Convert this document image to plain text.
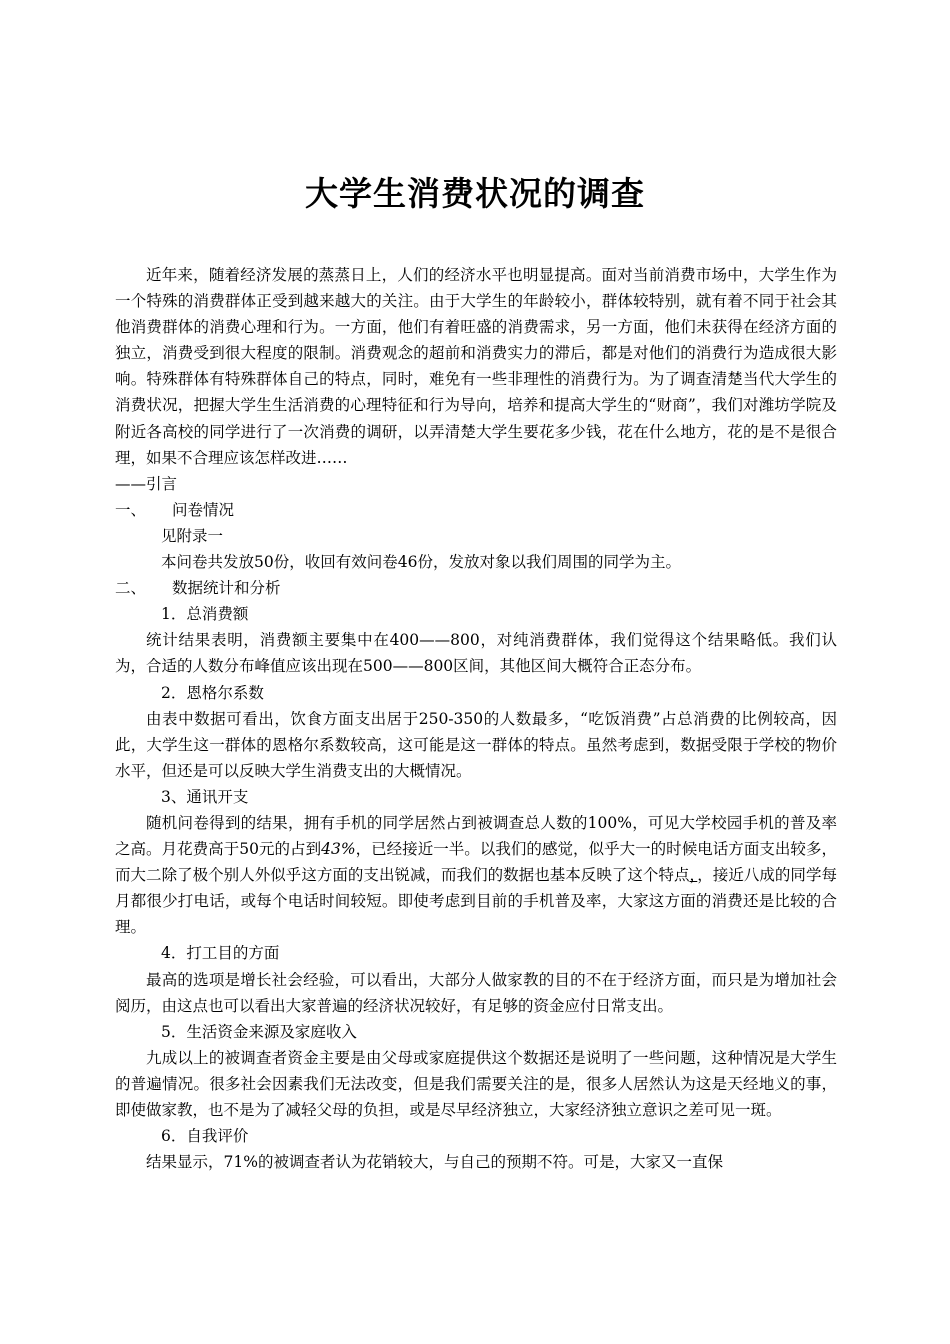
大学生消费状况的调查

近年来，随着经济发展的蒸蒸日上，人们的经济水平也明显提高。面对当前消费市场中，大学生作为一个特殊的消费群体正受到越来越大的关注。由于大学生的年龄较小，群体较特别，就有着不同于社会其他消费群体的消费心理和行为。一方面，他们有着旺盛的消费需求，另一方面，他们未获得在经济方面的独立，消费受到很大程度的限制。消费观念的超前和消费实力的滞后，都是对他们的消费行为造成很大影响。特殊群体有特殊群体自己的特点，同时，难免有一些非理性的消费行为。为了调查清楚当代大学生的消费状况，把握大学生生活消费的心理特征和行为导向，培养和提高大学生的“财商”，我们对潍坊学院及附近各高校的同学进行了一次消费的调研，以弄清楚大学生要花多少钱，花在什么地方，花的是不是很合理，如果不合理应该怎样改进……

——引言

一、	问卷情况

见附录一

本问卷共发放50份，收回有效问卷46份，发放对象以我们周围的同学为主。

二、	数据统计和分析

1．总消费额

统计结果表明，消费额主要集中在400——800，对纯消费群体，我们觉得这个结果略低。我们认为，合适的人数分布峰值应该出现在500——800区间，其他区间大概符合正态分布。

2．恩格尔系数

由表中数据可看出，饮食方面支出居于250-350的人数最多，“吃饭消费”占总消费的比例较高，因此，大学生这一群体的恩格尔系数较高，这可能是这一群体的特点。虽然考虑到，数据受限于学校的物价水平，但还是可以反映大学生消费支出的大概情况。

3、通讯开支

随机问卷得到的结果，拥有手机的同学居然占到被调查总人数的100%，可见大学校园手机的普及率之高。月花费高于50元的占到43%，已经接近一半。以我们的感觉，似乎大一的时候电话方面支出较多，而大二除了极个别人外似乎这方面的支出锐减，而我们的数据也基本反映了这个特点，，接近八成的同学每月都很少打电话，或每个电话时间较短。即使考虑到目前的手机普及率，大家这方面的消费还是比较的合理。

4．打工目的方面

最高的选项是增长社会经验，可以看出，大部分人做家教的目的不在于经济方面，而只是为增加社会阅历，由这点也可以看出大家普遍的经济状况较好，有足够的资金应付日常支出。

5．生活资金来源及家庭收入

九成以上的被调查者资金主要是由父母或家庭提供这个数据还是说明了一些问题，这种情况是大学生的普遍情况。很多社会因素我们无法改变，但是我们需要关注的是，很多人居然认为这是天经地义的事，即使做家教，也不是为了减轻父母的负担，或是尽早经济独立，大家经济独立意识之差可见一斑。

6．自我评价

结果显示，71%的被调查者认为花销较大，与自己的预期不符。可是，大家又一直保
